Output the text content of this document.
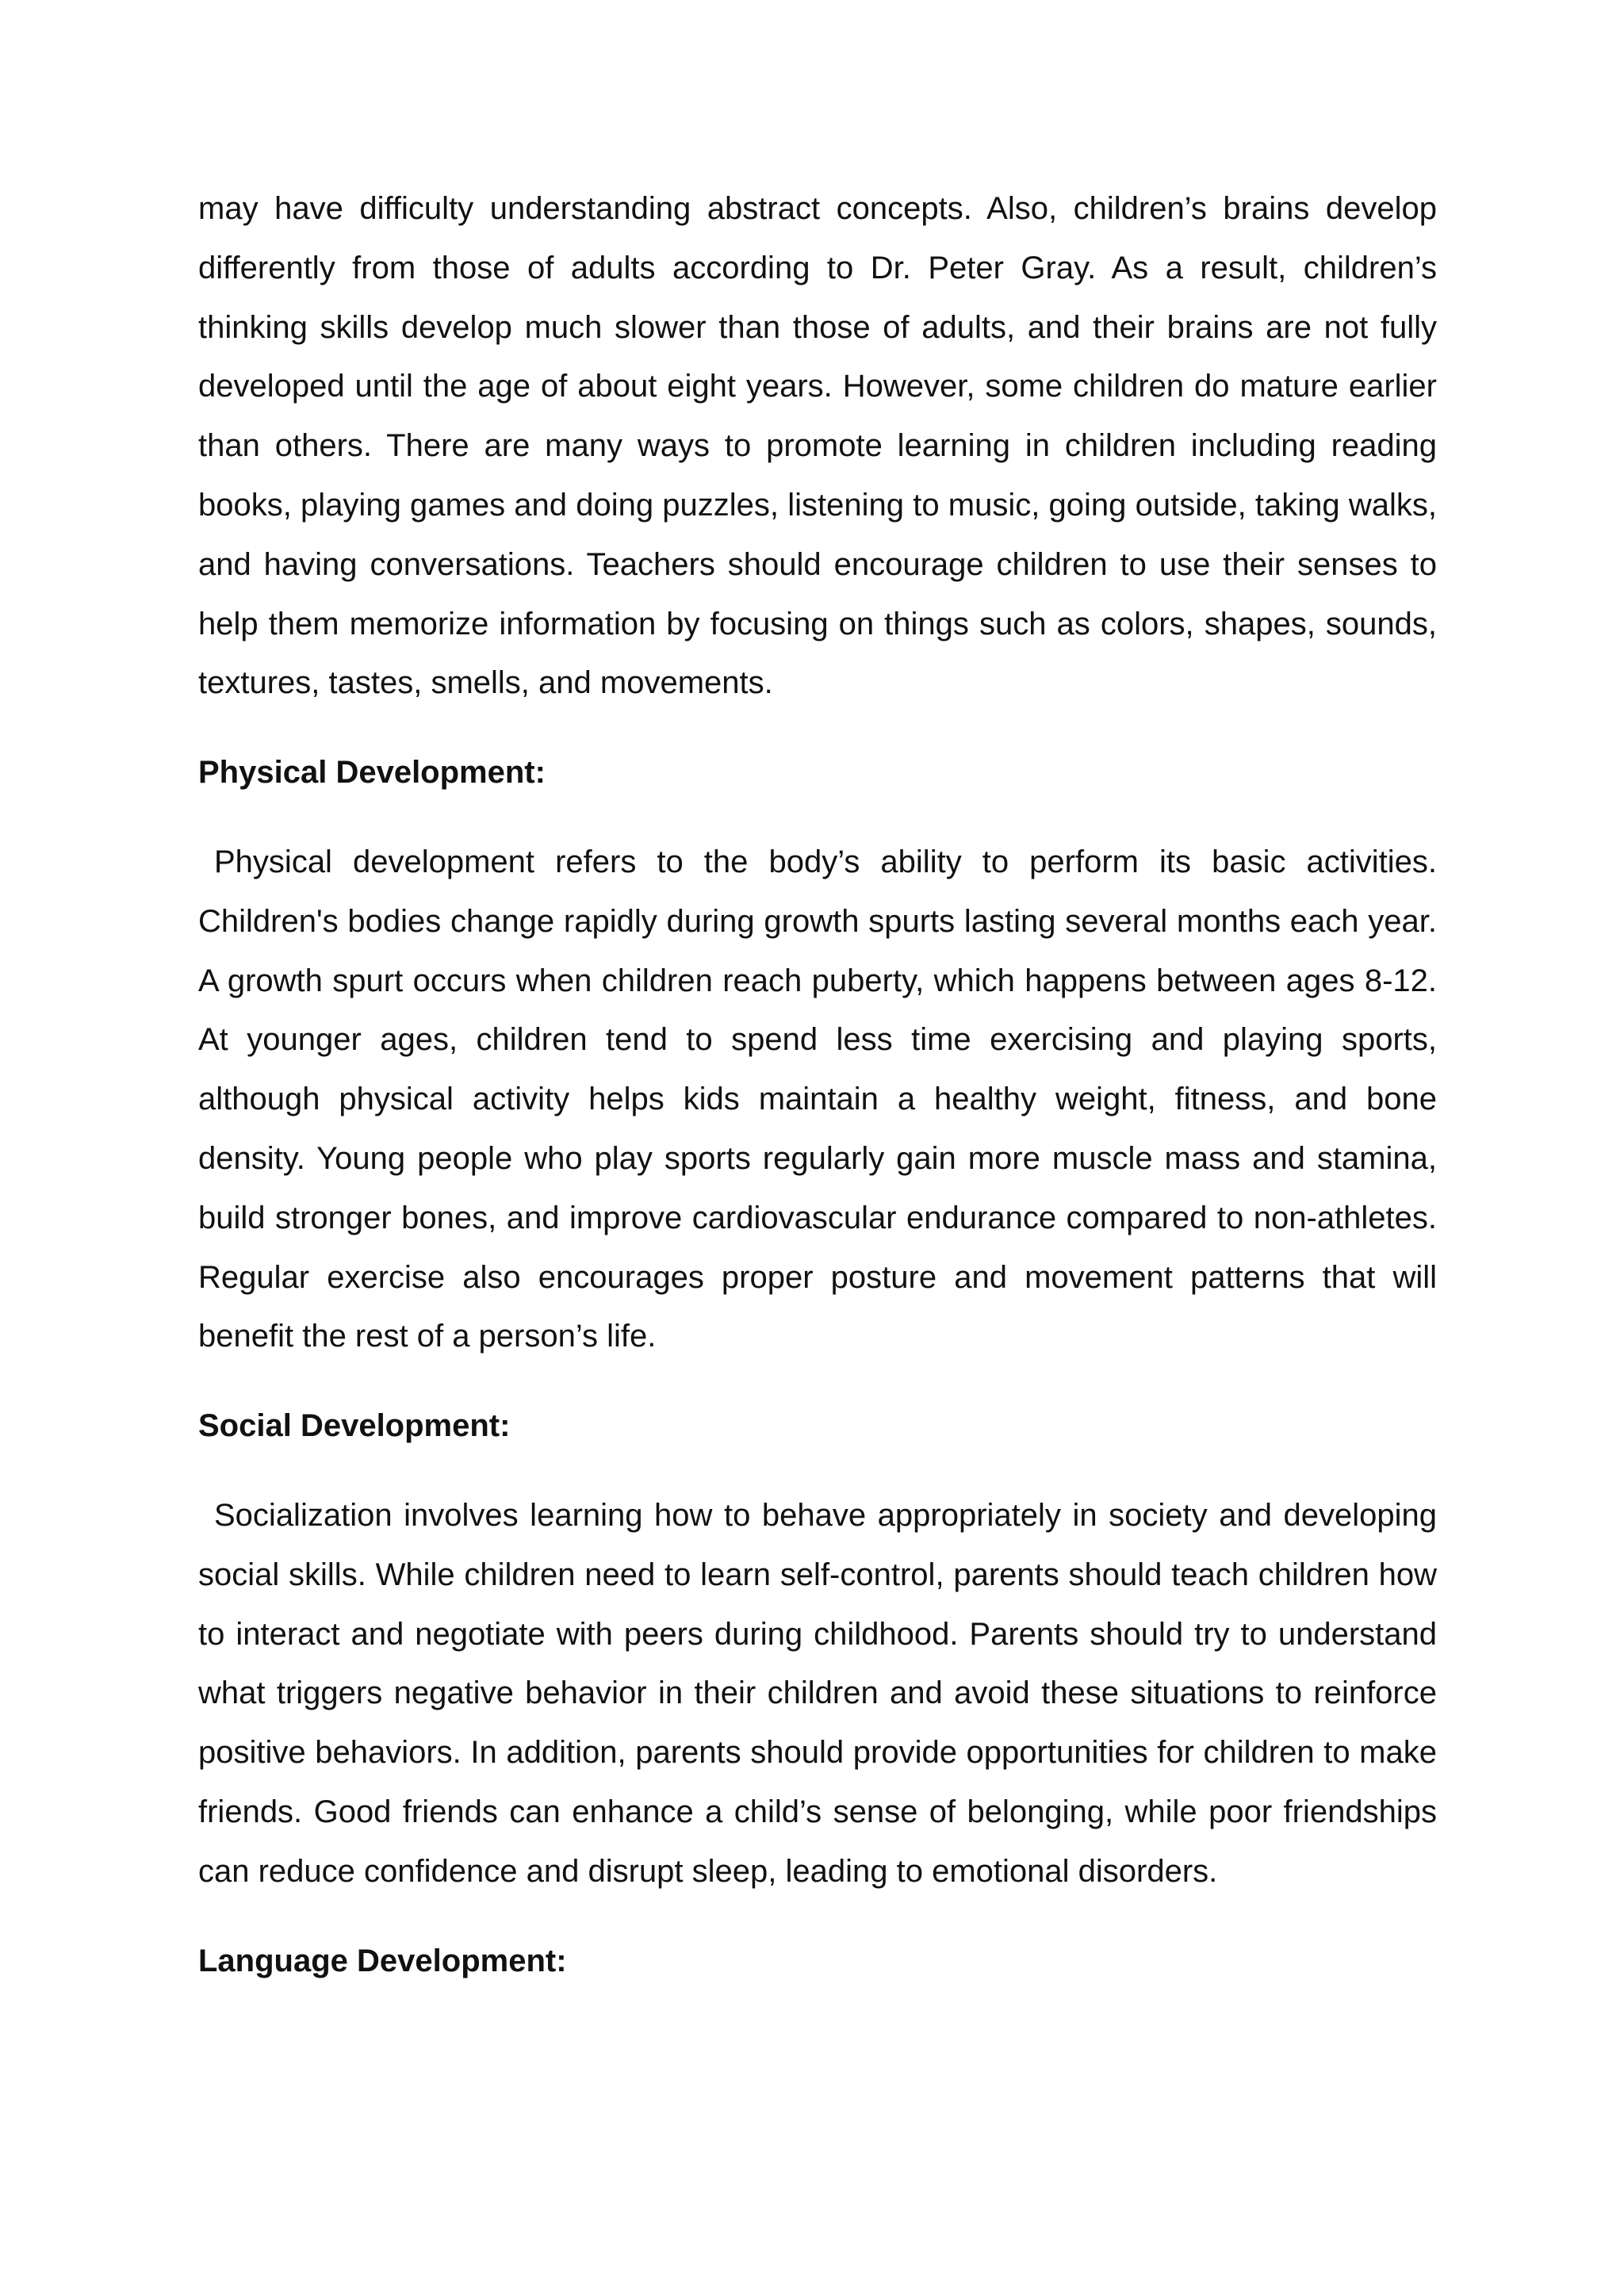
may have difficulty understanding abstract concepts. Also, children’s brains develop differently from those of adults according to Dr. Peter Gray. As a result, children’s thinking skills develop much slower than those of adults, and their brains are not fully developed until the age of about eight years. However, some children do mature earlier than others. There are many ways to promote learning in children including reading books, playing games and doing puzzles, listening to music, going outside, taking walks, and having conversations. Teachers should encourage children to use their senses to help them memorize information by focusing on things such as colors, shapes, sounds, textures, tastes, smells, and movements.

Physical Development:

Physical development refers to the body’s ability to perform its basic activities. Children's bodies change rapidly during growth spurts lasting several months each year. A growth spurt occurs when children reach puberty, which happens between ages 8-12. At younger ages, children tend to spend less time exercising and playing sports, although physical activity helps kids maintain a healthy weight, fitness, and bone density. Young people who play sports regularly gain more muscle mass and stamina, build stronger bones, and improve cardiovascular endurance compared to non-athletes. Regular exercise also encourages proper posture and movement patterns that will benefit the rest of a person’s life.

Social Development:

Socialization involves learning how to behave appropriately in society and developing social skills. While children need to learn self-control, parents should teach children how to interact and negotiate with peers during childhood. Parents should try to understand what triggers negative behavior in their children and avoid these situations to reinforce positive behaviors. In addition, parents should provide opportunities for children to make friends. Good friends can enhance a child’s sense of belonging, while poor friendships can reduce confidence and disrupt sleep, leading to emotional disorders.

Language Development:
